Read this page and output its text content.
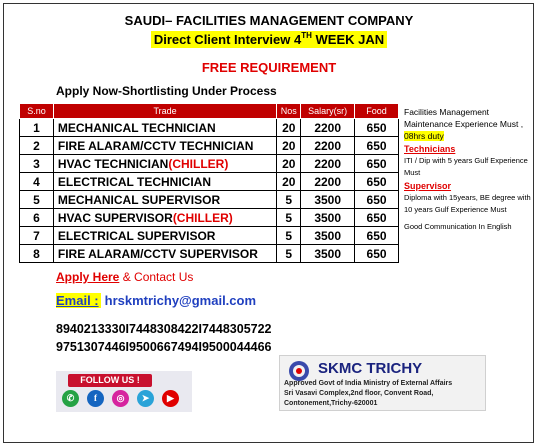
SAUDI– FACILITIES MANAGEMENT COMPANY
Direct Client Interview 4TH WEEK JAN
FREE REQUIREMENT
Apply Now-Shortlisting Under Process
S.no	Trade	Nos	Salary(sr)	Food
1	MECHANICAL TECHNICIAN	20	2200	650
2	FIRE ALARAM/CCTV TECHNICIAN	20	2200	650
3	HVAC TECHNICIAN(CHILLER)	20	2200	650
4	ELECTRICAL TECHNICIAN	20	2200	650
5	MECHANICAL SUPERVISOR	5	3500	650
6	HVAC SUPERVISOR(CHILLER)	5	3500	650
7	ELECTRICAL SUPERVISOR	5	3500	650
8	FIRE ALARAM/CCTV SUPERVISOR	5	3500	650
Facilities Management Maintenance Experience Must , 08hrs duty
Technicians
ITI / Dip with 5 years Gulf Experience Must
Supervisor
Diploma with 15years, BE degree with 10 years Gulf Experience Must
Good Communication In English
Apply Here & Contact Us
Email : hrskmtrichy@gmail.com
8940213330I7448308422I7448305722
9751307446I9500667494I9500044466
FOLLOW US !
✆	f	◎	➤	▶
SKMC TRICHY
Approved Govt of India Ministry of External Affairs
Sri Vasavi Complex,2nd floor, Convent Road,
Contonement,Trichy-620001
